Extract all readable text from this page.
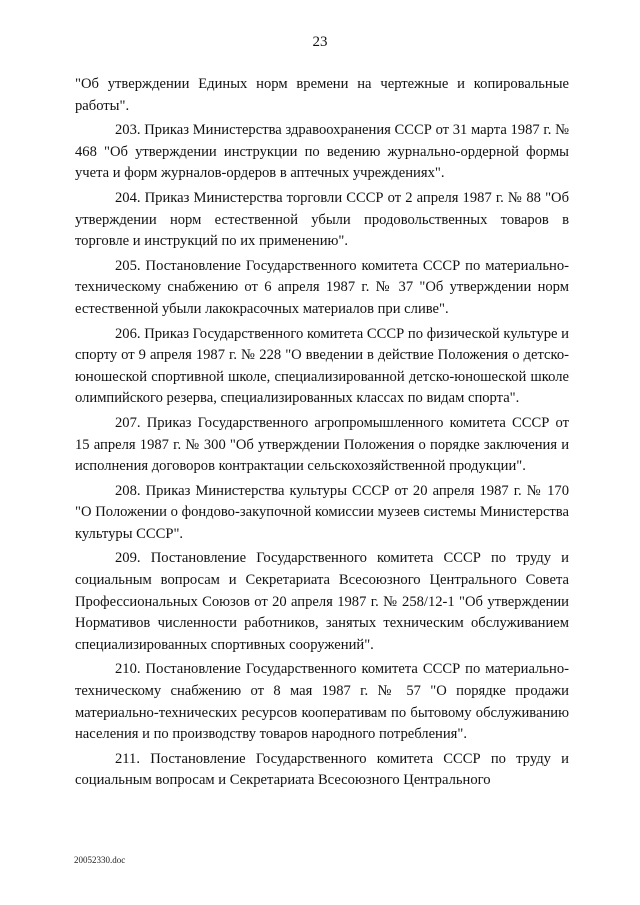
23

"Об утверждении Единых норм времени на чертежные и копировальные работы".

203. Приказ Министерства здравоохранения СССР от 31 марта 1987 г. № 468 "Об утверждении инструкции по ведению журнально-ордерной формы учета и форм журналов-ордеров в аптечных учреждениях".

204. Приказ Министерства торговли СССР от 2 апреля 1987 г. № 88 "Об утверждении норм естественной убыли продовольственных товаров в торговле и инструкций по их применению".

205. Постановление Государственного комитета СССР по материально-техническому снабжению от 6 апреля 1987 г. № 37 "Об утверждении норм естественной убыли лакокрасочных материалов при сливе".

206. Приказ Государственного комитета СССР по физической культуре и спорту от 9 апреля 1987 г. № 228 "О введении в действие Положения о детско-юношеской спортивной школе, специализированной детско-юношеской школе олимпийского резерва, специализированных классах по видам спорта".

207. Приказ Государственного агропромышленного комитета СССР от 15 апреля 1987 г. № 300 "Об утверждении Положения о порядке заключения и исполнения договоров контрактации сельскохозяйственной продукции".

208. Приказ Министерства культуры СССР от 20 апреля 1987 г. № 170 "О Положении о фондово-закупочной комиссии музеев системы Министерства культуры СССР".

209. Постановление Государственного комитета СССР по труду и социальным вопросам и Секретариата Всесоюзного Центрального Совета Профессиональных Союзов от 20 апреля 1987 г. № 258/12-1 "Об утверждении Нормативов численности работников, занятых техническим обслуживанием специализированных спортивных сооружений".

210. Постановление Государственного комитета СССР по материально-техническому снабжению от 8 мая 1987 г. № 57 "О порядке продажи материально-технических ресурсов кооперативам по бытовому обслуживанию населения и по производству товаров народного потребления".

211. Постановление Государственного комитета СССР по труду и социальным вопросам и Секретариата Всесоюзного Центрального

20052330.doc
